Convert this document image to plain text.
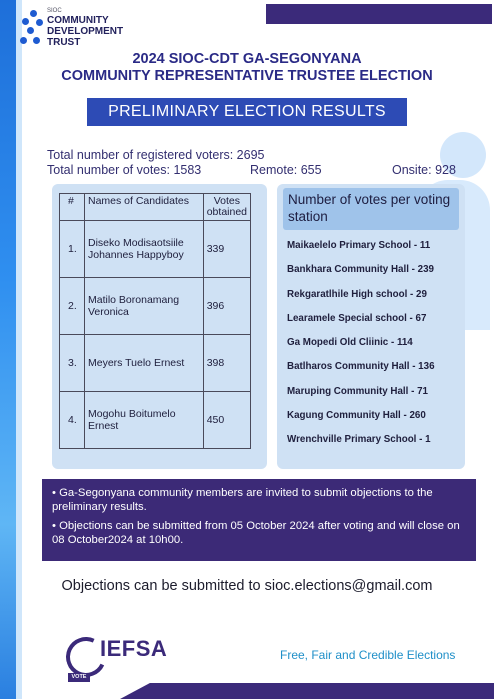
SIOC
COMMUNITY
DEVELOPMENT
TRUST
2024 SIOC-CDT GA-SEGONYANA
COMMUNITY REPRESENTATIVE TRUSTEE ELECTION
PRELIMINARY ELECTION RESULTS
Total number of registered voters: 2695
Total number of votes: 1583	Remote: 655	Onsite: 928
#	Names of Candidates	Votes obtained
1.	Diseko Modisaotsiile Johannes Happyboy	339
2.	Matilo Boronamang Veronica	396
3.	Meyers Tuelo Ernest	398
4.	Mogohu Boitumelo Ernest	450
Number of votes per voting station
Maikaelelo Primary School - 11
Bankhara Community Hall - 239
Rekgaratlhile High school - 29
Learamele Special school - 67
Ga Mopedi Old Cliinic - 114
Batlharos Community Hall - 136
Maruping Community Hall - 71
Kagung Community Hall - 260
Wrenchville Primary School - 1

• Ga-Segonyana community members are invited to submit objections to the preliminary results.

• Objections can be submitted from 05 October 2024 after voting and will close on 08 October2024 at 10h00.

Objections can be submitted to sioc.elections@gmail.com
IEFSA
VOTE
Free, Fair and Credible Elections
